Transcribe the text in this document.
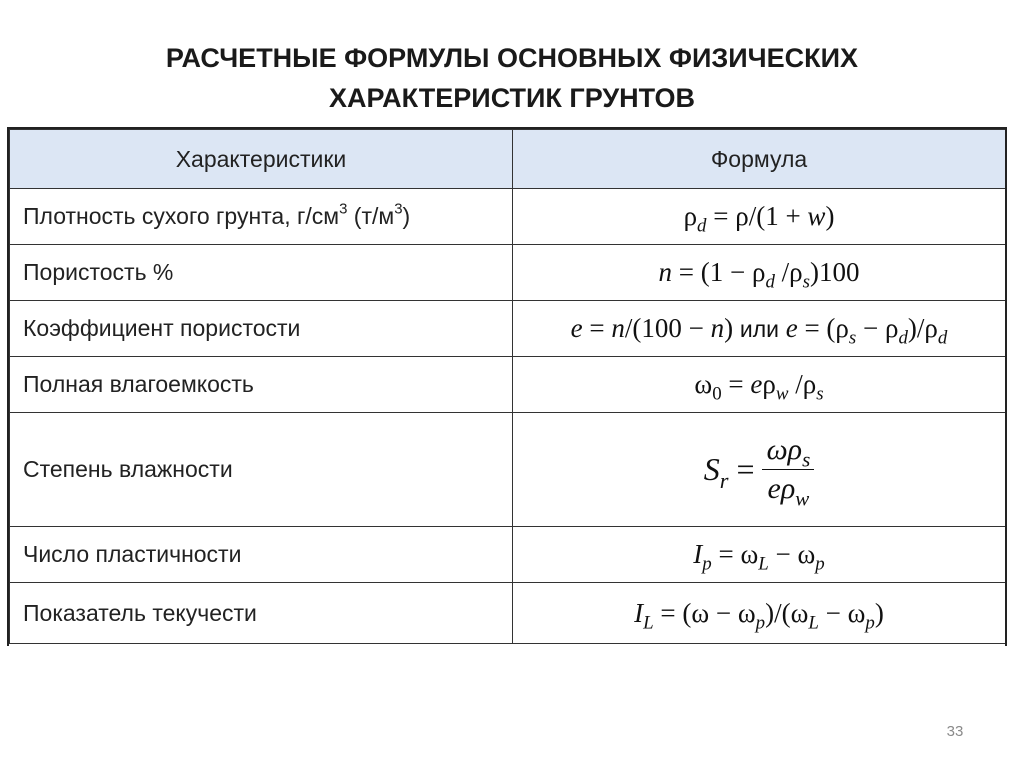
РАСЧЕТНЫЕ ФОРМУЛЫ ОСНОВНЫХ ФИЗИЧЕСКИХ
ХАРАКТЕРИСТИК ГРУНТОВ
Характеристики	Формула
Плотность сухого грунта, $г/см^3$ $(т/м^3)$	$\rho_d = \rho/(1 + w)$
Пористость %	$n = (1 - \rho_d$ $/\rho_s)100$
Коэффициент пористости	e = n/(100 − n) или $e = (\rho_s - \rho_d)/\rho_d$
Полная влагоемкость	$\omega_0 = e\rho_w$ $/\rho_s$
Степень влажности	$S_r = \frac{\omega\rho_s}{e\rho_w}$

Число пластичности	$I_p = \omega_L - \omega_p$
Показатель текучести	$I_L = (\omega - \omega_p)/(\omega_L - \omega_p)$
33
